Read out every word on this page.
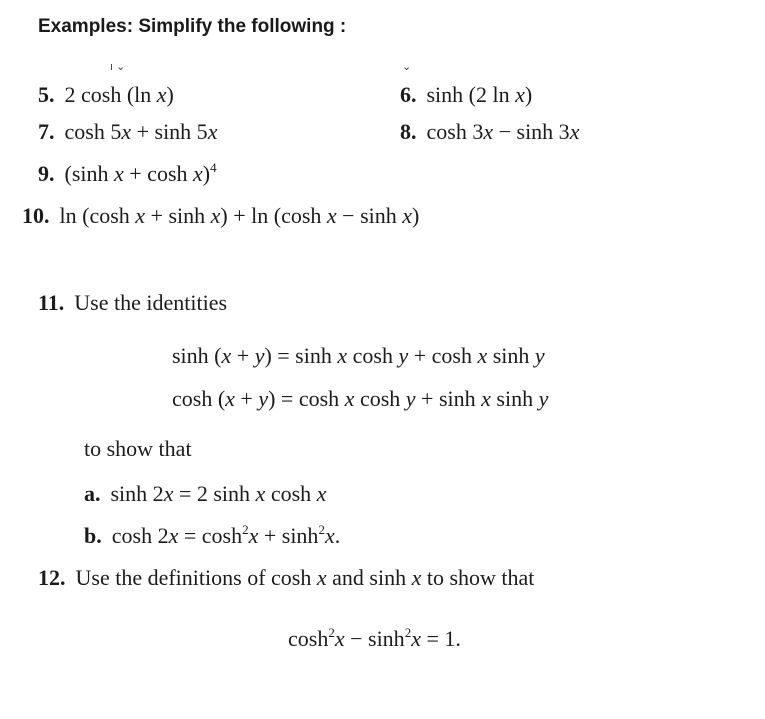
Examples: Simplify the following :
ı ⌄	⌄
5. 2 cosh (ln x)	6. sinh (2 ln x)
7. cosh 5x + sinh 5x	8. cosh 3x − sinh 3x
9. (sinh x + cosh x)$^4$
10. ln (cosh x + sinh x) + ln (cosh x − sinh x)
11. Use the identities
sinh (x + y) = sinh x cosh y + cosh x sinh y
cosh (x + y) = cosh x cosh y + sinh x sinh y
to show that
a. sinh 2x = 2 sinh x cosh x
b. $\cosh 2x = \cosh^2x + \sinh^2x$.
12. Use the definitions of cosh x and sinh x to show that
$\cosh^2x - \sinh^2x = 1$.
